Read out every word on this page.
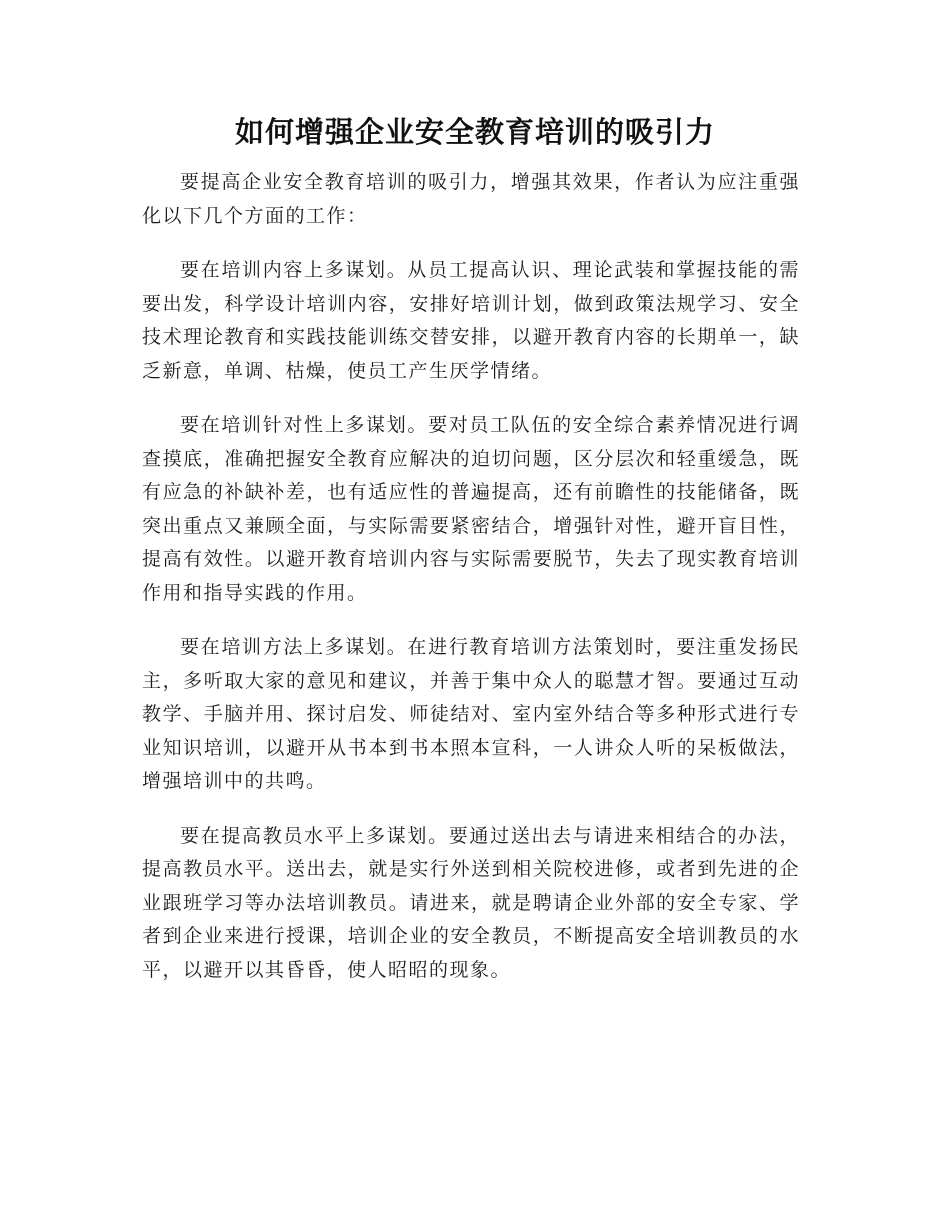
如何增强企业安全教育培训的吸引力

要提高企业安全教育培训的吸引力，增强其效果，作者认为应注重强化以下几个方面的工作：

要在培训内容上多谋划。从员工提高认识、理论武装和掌握技能的需要出发，科学设计培训内容，安排好培训计划，做到政策法规学习、安全技术理论教育和实践技能训练交替安排，以避开教育内容的长期单一，缺乏新意，单调、枯燥，使员工产生厌学情绪。

要在培训针对性上多谋划。要对员工队伍的安全综合素养情况进行调查摸底，准确把握安全教育应解决的迫切问题，区分层次和轻重缓急，既有应急的补缺补差，也有适应性的普遍提高，还有前瞻性的技能储备，既突出重点又兼顾全面，与实际需要紧密结合，增强针对性，避开盲目性，提高有效性。以避开教育培训内容与实际需要脱节，失去了现实教育培训作用和指导实践的作用。

要在培训方法上多谋划。在进行教育培训方法策划时，要注重发扬民主，多听取大家的意见和建议，并善于集中众人的聪慧才智。要通过互动教学、手脑并用、探讨启发、师徒结对、室内室外结合等多种形式进行专业知识培训，以避开从书本到书本照本宣科，一人讲众人听的呆板做法，增强培训中的共鸣。

要在提高教员水平上多谋划。要通过送出去与请进来相结合的办法，提高教员水平。送出去，就是实行外送到相关院校进修，或者到先进的企业跟班学习等办法培训教员。请进来，就是聘请企业外部的安全专家、学者到企业来进行授课，培训企业的安全教员，不断提高安全培训教员的水平，以避开以其昏昏，使人昭昭的现象。
